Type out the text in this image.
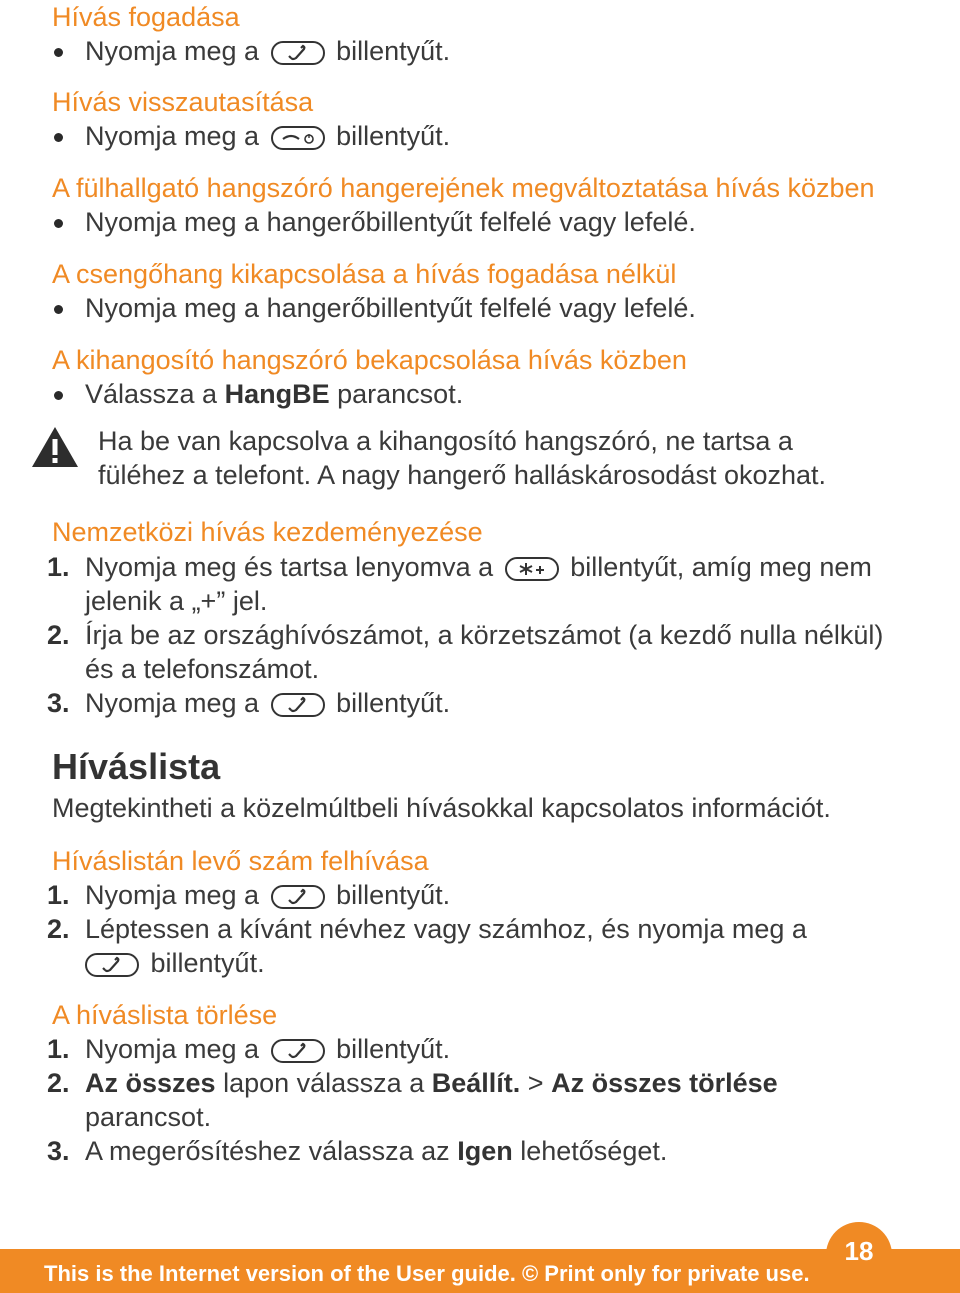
Hívás fogadása
Nyomja meg a	billentyűt.
Hívás visszautasítása
Nyomja meg a	billentyűt.
A fülhallgató hangszóró hangerejének megváltoztatása hívás közben
Nyomja meg a hangerőbillentyűt felfelé vagy lefelé.
A csengőhang kikapcsolása a hívás fogadása nélkül
Nyomja meg a hangerőbillentyűt felfelé vagy lefelé.
A kihangosító hangszóró bekapcsolása hívás közben
Válassza a HangBE parancsot.
Ha be van kapcsolva a kihangosító hangszóró, ne tartsa a
füléhez a telefont. A nagy hangerő halláskárosodást okozhat.
Nemzetközi hívás kezdeményezése
1. Nyomja meg és tartsa lenyomva a	billentyűt, amíg meg nem
jelenik a „+” jel.
2. Írja be az országhívószámot, a körzetszámot (a kezdő nulla nélkül)
és a telefonszámot.
3. Nyomja meg a	billentyűt.
Híváslista
Megtekintheti a közelmúltbeli hívásokkal kapcsolatos információt.
Híváslistán levő szám felhívása
1. Nyomja meg a	billentyűt.
2. Léptessen a kívánt névhez vagy számhoz, és nyomja meg a
billentyűt.
A híváslista törlése
1. Nyomja meg a	billentyűt.
2. Az összes lapon válassza a Beállít. > Az összes törlése
parancsot.
3. A megerősítéshez válassza az Igen lehetőséget.
18
This is the Internet version of the User guide. © Print only for private use.
